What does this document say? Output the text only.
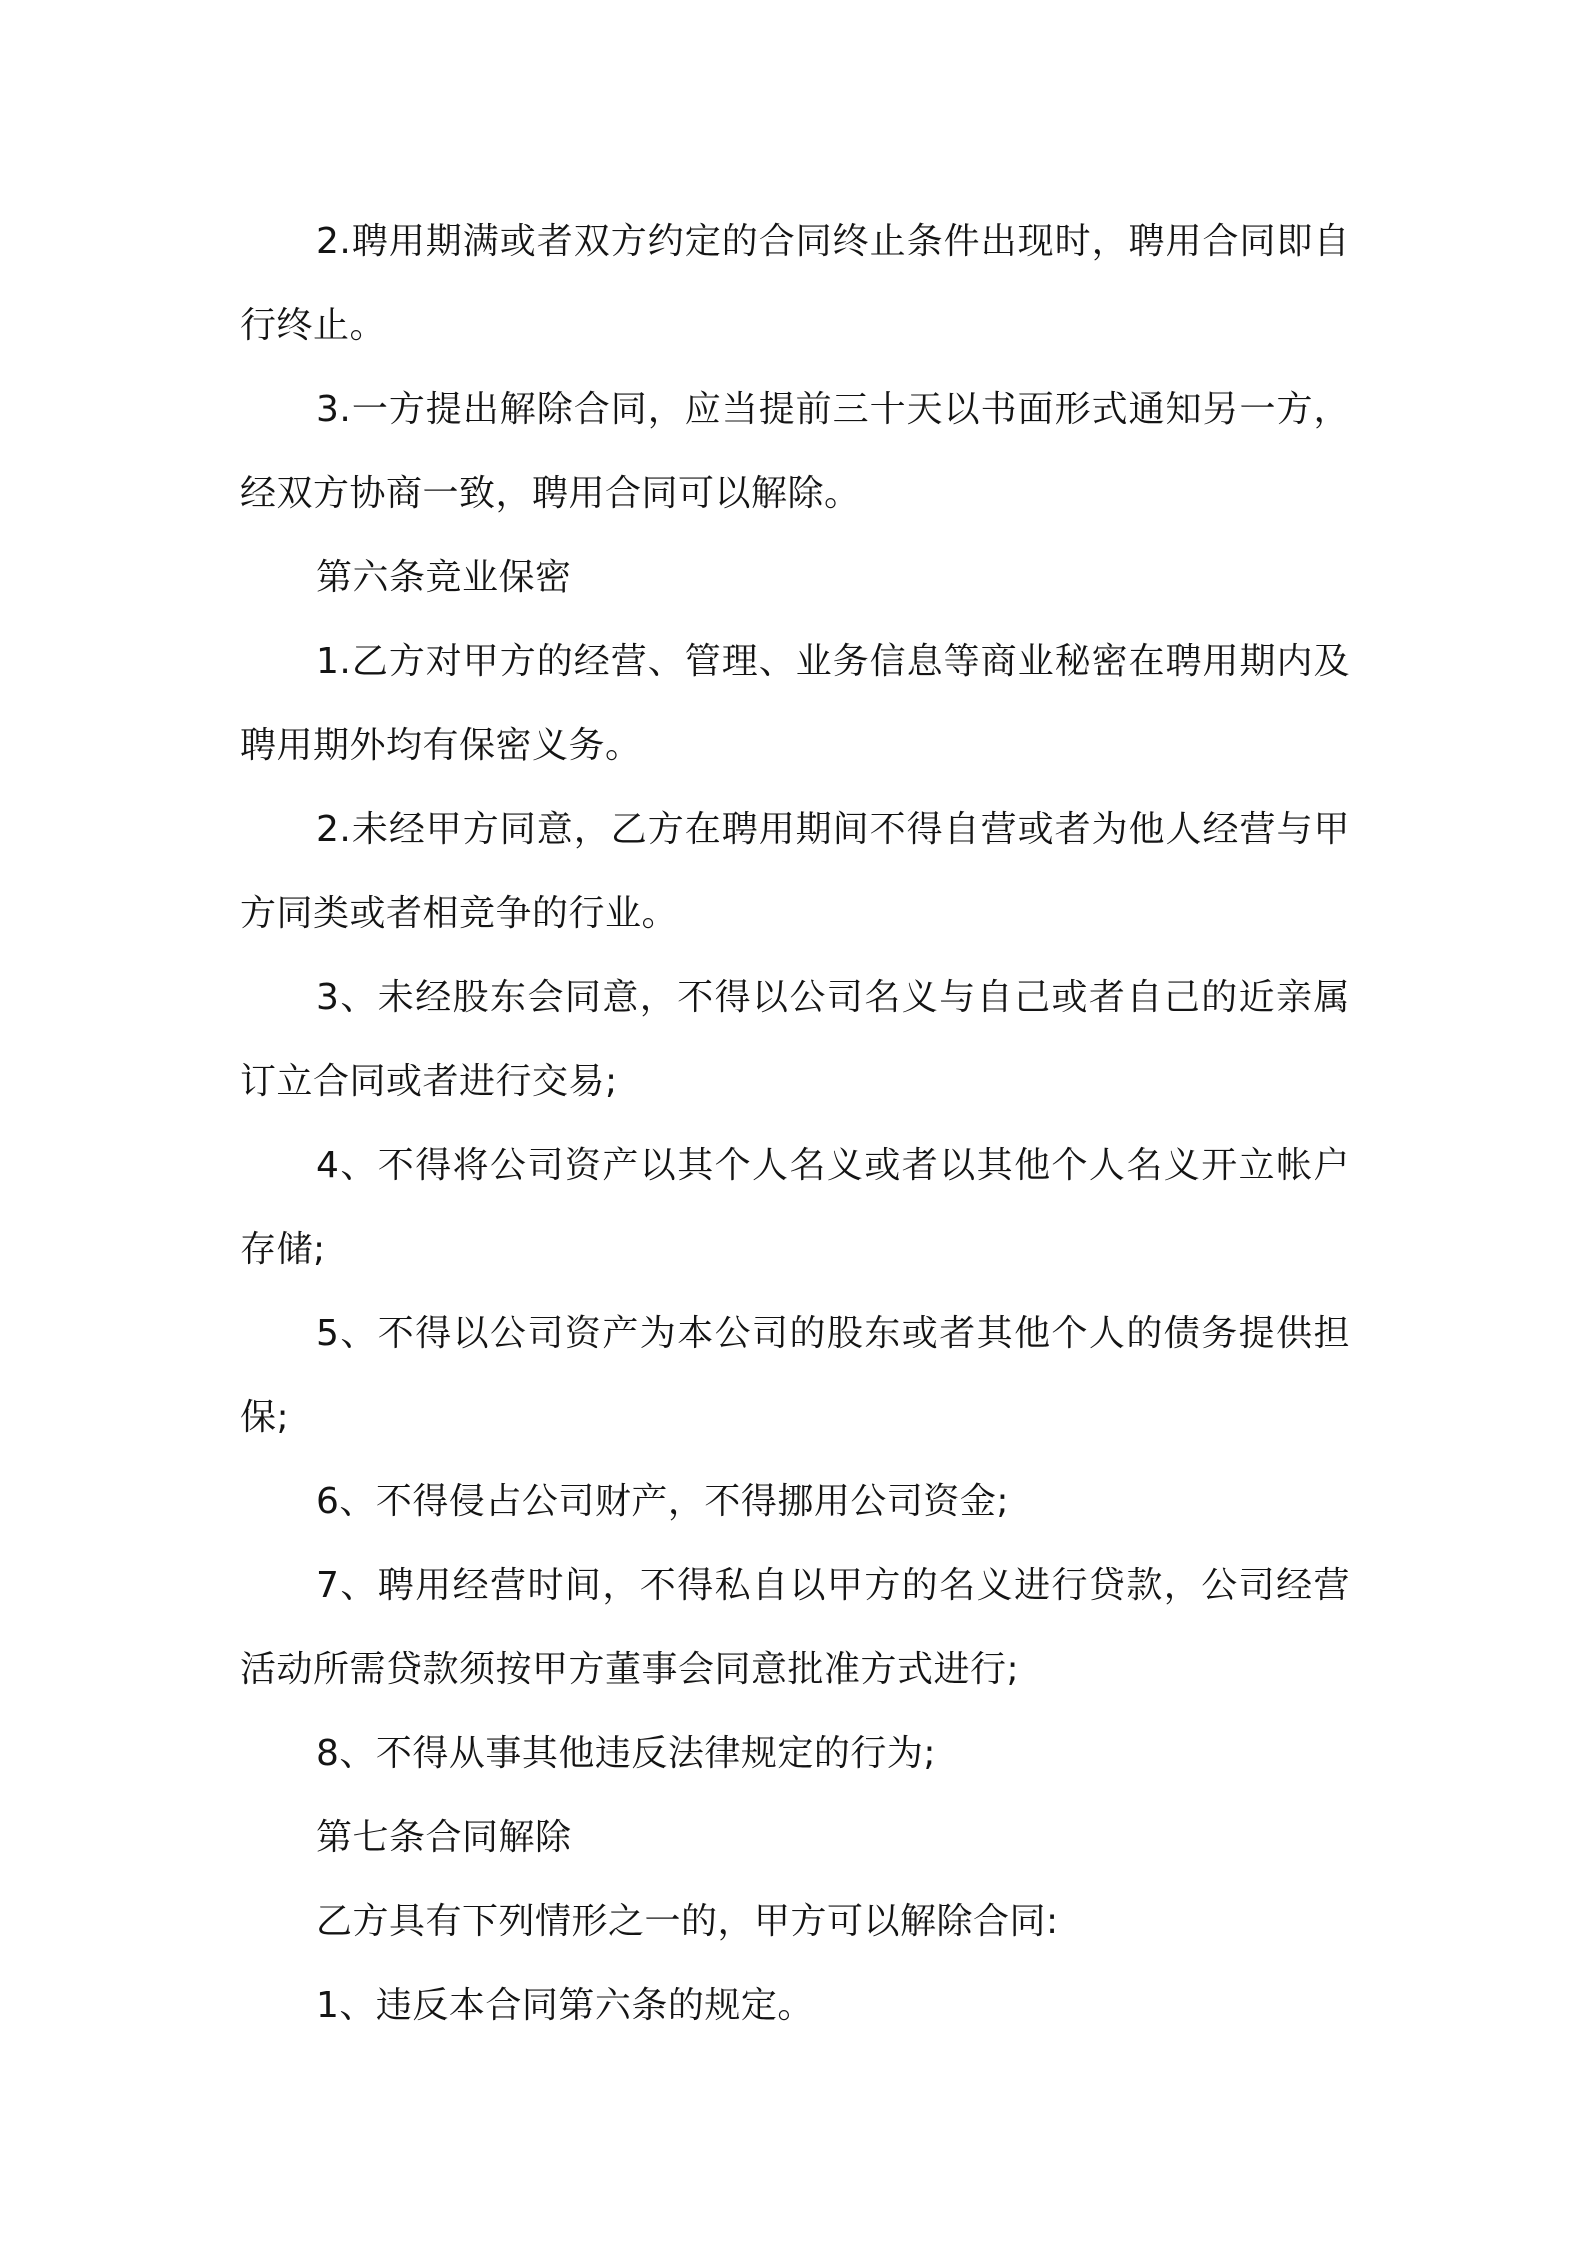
2.聘用期满或者双方约定的合同终止条件出现时，聘用合同即自行终止。

3.一方提出解除合同，应当提前三十天以书面形式通知另一方，经双方协商一致，聘用合同可以解除。

第六条竞业保密

1.乙方对甲方的经营、管理、业务信息等商业秘密在聘用期内及聘用期外均有保密义务。

2.未经甲方同意，乙方在聘用期间不得自营或者为他人经营与甲方同类或者相竞争的行业。

3、未经股东会同意，不得以公司名义与自己或者自己的近亲属订立合同或者进行交易;

4、不得将公司资产以其个人名义或者以其他个人名义开立帐户存储;

5、不得以公司资产为本公司的股东或者其他个人的债务提供担保;

6、不得侵占公司财产，不得挪用公司资金;

7、聘用经营时间，不得私自以甲方的名义进行贷款，公司经营活动所需贷款须按甲方董事会同意批准方式进行;

8、不得从事其他违反法律规定的行为;

第七条合同解除

乙方具有下列情形之一的，甲方可以解除合同:

1、违反本合同第六条的规定。
